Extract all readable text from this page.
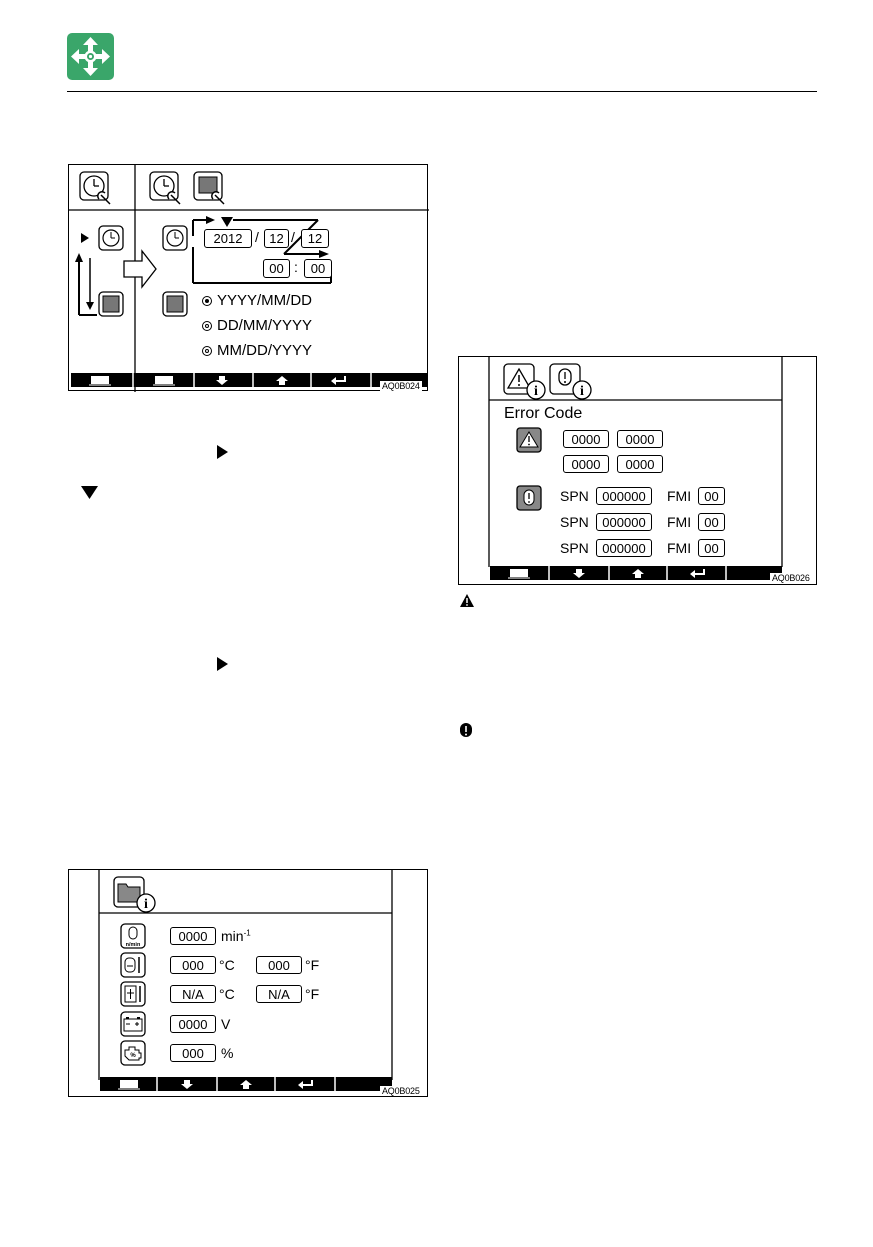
2012 / 12 / 12
00 : 00
YYYY/MM/DD
DD/MM/YYYY
MM/DD/YYYY
AQ0B024
i
n/min
%
0000 $\min^{-1}$
000	°C	000	°F
N/A	°C	N/A	°F
0000 V
000	%
AQ0B025
i	i
Error Code
0000	0000
0000	0000
SPN	000000	FMI	00
SPN	000000	FMI	00
SPN	000000	FMI	00
AQ0B026
